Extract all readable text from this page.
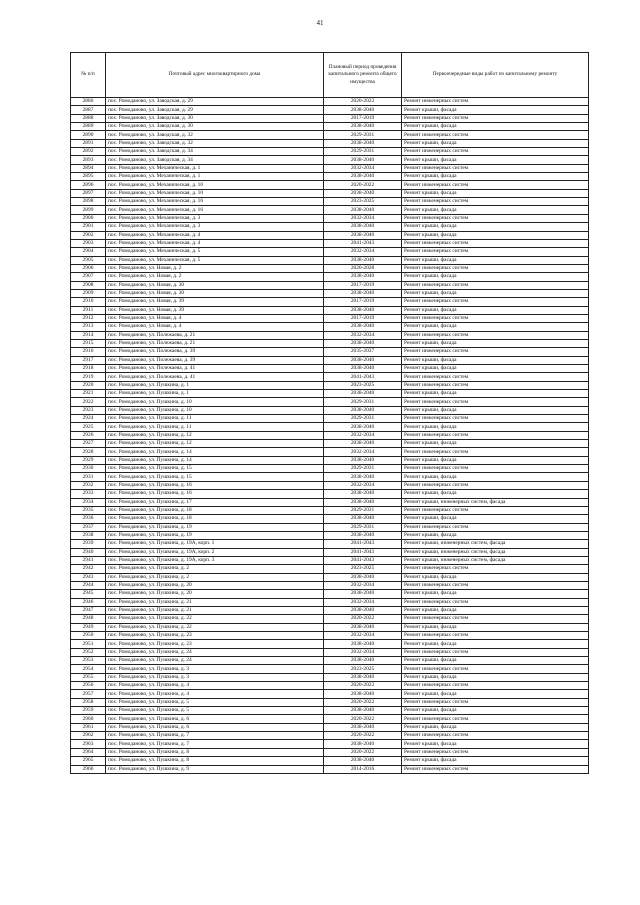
41
№ п/п	Почтовый адрес многоквартирного дома	Плановый период проведения капитального ремонта общего имущества	Первоочередные виды работ по капитальному ремонту
2886	пос. Ромоданово, ул. Заводская, д. 29	2020-2022	Ремонт инженерных систем
2887	пос. Ромоданово, ул. Заводская, д. 29	2038-2040	Ремонт крыши, фасада
2888	пос. Ромоданово, ул. Заводская, д. 30	2017-2019	Ремонт инженерных систем
2889	пос. Ромоданово, ул. Заводская, д. 30	2038-2040	Ремонт крыши, фасада
2890	пос. Ромоданово, ул. Заводская, д. 32	2029-2031	Ремонт инженерных систем
2891	пос. Ромоданово, ул. Заводская, д. 32	2038-2040	Ремонт крыши, фасада
2892	пос. Ромоданово, ул. Заводская, д. 34	2029-2031	Ремонт инженерных систем
2893	пос. Ромоданово, ул. Заводская, д. 34	2038-2040	Ремонт крыши, фасада
2894	пос. Ромоданово, ул. Механическая, д. 1	2032-2034	Ремонт инженерных систем
2895	пос. Ромоданово, ул. Механическая, д. 1	2038-2040	Ремонт крыши, фасада
2896	пос. Ромоданово, ул. Механическая, д. 10	2020-2022	Ремонт инженерных систем
2897	пос. Ромоданово, ул. Механическая, д. 10	2038-2040	Ремонт крыши, фасада
2898	пос. Ромоданово, ул. Механическая, д. 16	2023-2025	Ремонт инженерных систем
2899	пос. Ромоданово, ул. Механическая, д. 16	2038-2040	Ремонт крыши, фасада
2900	пос. Ромоданово, ул. Механическая, д. 3	2032-2034	Ремонт инженерных систем
2901	пос. Ромоданово, ул. Механическая, д. 3	2038-2040	Ремонт крыши, фасада
2902	пос. Ромоданово, ул. Механическая, д. 4	2038-2040	Ремонт крыши, фасада
2903	пос. Ромоданово, ул. Механическая, д. 4	2041-2043	Ремонт инженерных систем
2904	пос. Ромоданово, ул. Механическая, д. 5	2032-2034	Ремонт инженерных систем
2905	пос. Ромоданово, ул. Механическая, д. 5	2038-2040	Ремонт крыши, фасада
2906	пос. Ромоданово, ул. Новая, д. 2	2026-2028	Ремонт инженерных систем
2907	пос. Ромоданово, ул. Новая, д. 2	2038-2040	Ремонт крыши, фасада
2908	пос. Ромоданово, ул. Новая, д. 30	2017-2019	Ремонт инженерных систем
2909	пос. Ромоданово, ул. Новая, д. 30	2038-2040	Ремонт крыши, фасада
2910	пос. Ромоданово, ул. Новая, д. 39	2017-2019	Ремонт инженерных систем
2911	пос. Ромоданово, ул. Новая, д. 39	2038-2040	Ремонт крыши, фасада
2912	пос. Ромоданово, ул. Новая, д. 4	2017-2019	Ремонт инженерных систем
2913	пос. Ромоданово, ул. Новая, д. 4	2038-2040	Ремонт крыши, фасада
2914	пос. Ромоданово, ул. Полежаева, д. 21	2032-2034	Ремонт инженерных систем
2915	пос. Ромоданово, ул. Полежаева, д. 21	2038-2040	Ремонт крыши, фасада
2916	пос. Ромоданово, ул. Полежаева, д. 39	2035-2037	Ремонт инженерных систем
2917	пос. Ромоданово, ул. Полежаева, д. 39	2038-2040	Ремонт крыши, фасада
2918	пос. Ромоданово, ул. Полежаева, д. 41	2038-2040	Ремонт крыши, фасада
2919	пос. Ромоданово, ул. Полежаева, д. 41	2041-2043	Ремонт инженерных систем
2920	пос. Ромоданово, ул. Пушкина, д. 1	2023-2025	Ремонт инженерных систем
2921	пос. Ромоданово, ул. Пушкина, д. 1	2038-2040	Ремонт крыши, фасада
2922	пос. Ромоданово, ул. Пушкина, д. 10	2029-2031	Ремонт инженерных систем
2923	пос. Ромоданово, ул. Пушкина, д. 10	2038-2040	Ремонт крыши, фасада
2924	пос. Ромоданово, ул. Пушкина, д. 11	2029-2031	Ремонт инженерных систем
2925	пос. Ромоданово, ул. Пушкина, д. 11	2038-2040	Ремонт крыши, фасада
2926	пос. Ромоданово, ул. Пушкина, д. 12	2032-2034	Ремонт инженерных систем
2927	пос. Ромоданово, ул. Пушкина, д. 12	2038-2040	Ремонт крыши, фасада
2928	пос. Ромоданово, ул. Пушкина, д. 14	2032-2034	Ремонт инженерных систем
2929	пос. Ромоданово, ул. Пушкина, д. 14	2038-2040	Ремонт крыши, фасада
2930	пос. Ромоданово, ул. Пушкина, д. 15	2029-2031	Ремонт инженерных систем
2931	пос. Ромоданово, ул. Пушкина, д. 15	2038-2040	Ремонт крыши, фасада
2932	пос. Ромоданово, ул. Пушкина, д. 16	2032-2034	Ремонт инженерных систем
2933	пос. Ромоданово, ул. Пушкина, д. 16	2038-2040	Ремонт крыши, фасада
2934	пос. Ромоданово, ул. Пушкина, д. 17	2038-2040	Ремонт крыши, инженерных систем, фасада
2935	пос. Ромоданово, ул. Пушкина, д. 18	2029-2031	Ремонт инженерных систем
2936	пос. Ромоданово, ул. Пушкина, д. 18	2038-2040	Ремонт крыши, фасада
2937	пос. Ромоданово, ул. Пушкина, д. 19	2029-2031	Ремонт инженерных систем
2938	пос. Ромоданово, ул. Пушкина, д. 19	2038-2040	Ремонт крыши, фасада
2939	пос. Ромоданово, ул. Пушкина, д. 19А, корп. 1	2041-2043	Ремонт крыши, инженерных систем, фасада
2940	пос. Ромоданово, ул. Пушкина, д. 19А, корп. 2	2041-2043	Ремонт крыши, инженерных систем, фасада
2941	пос. Ромоданово, ул. Пушкина, д. 19А, корп. 3	2041-2043	Ремонт крыши, инженерных систем, фасада
2942	пос. Ромоданово, ул. Пушкина, д. 2	2023-2025	Ремонт инженерных систем
2943	пос. Ромоданово, ул. Пушкина, д. 2	2038-2040	Ремонт крыши, фасада
2944	пос. Ромоданово, ул. Пушкина, д. 20	2032-2034	Ремонт инженерных систем
2945	пос. Ромоданово, ул. Пушкина, д. 20	2038-2040	Ремонт крыши, фасада
2946	пос. Ромоданово, ул. Пушкина, д. 21	2032-2034	Ремонт инженерных систем
2947	пос. Ромоданово, ул. Пушкина, д. 21	2038-2040	Ремонт крыши, фасада
2948	пос. Ромоданово, ул. Пушкина, д. 22	2020-2022	Ремонт инженерных систем
2949	пос. Ромоданово, ул. Пушкина, д. 22	2038-2040	Ремонт крыши, фасада
2950	пос. Ромоданово, ул. Пушкина, д. 23	2032-2034	Ремонт инженерных систем
2951	пос. Ромоданово, ул. Пушкина, д. 23	2038-2040	Ремонт крыши, фасада
2952	пос. Ромоданово, ул. Пушкина, д. 24	2032-2034	Ремонт инженерных систем
2953	пос. Ромоданово, ул. Пушкина, д. 24	2038-2040	Ремонт крыши, фасада
2954	пос. Ромоданово, ул. Пушкина, д. 3	2023-2025	Ремонт инженерных систем
2955	пос. Ромоданово, ул. Пушкина, д. 3	2038-2040	Ремонт крыши, фасада
2956	пос. Ромоданово, ул. Пушкина, д. 4	2020-2022	Ремонт инженерных систем
2957	пос. Ромоданово, ул. Пушкина, д. 4	2038-2040	Ремонт крыши, фасада
2958	пос. Ромоданово, ул. Пушкина, д. 5	2020-2022	Ремонт инженерных систем
2959	пос. Ромоданово, ул. Пушкина, д. 5	2038-2040	Ремонт крыши, фасада
2960	пос. Ромоданово, ул. Пушкина, д. 6	2020-2022	Ремонт инженерных систем
2961	пос. Ромоданово, ул. Пушкина, д. 6	2038-2040	Ремонт крыши, фасада
2962	пос. Ромоданово, ул. Пушкина, д. 7	2020-2022	Ремонт инженерных систем
2963	пос. Ромоданово, ул. Пушкина, д. 7	2038-2040	Ремонт крыши, фасада
2964	пос. Ромоданово, ул. Пушкина, д. 8	2020-2022	Ремонт инженерных систем
2965	пос. Ромоданово, ул. Пушкина, д. 8	2038-2040	Ремонт крыши, фасада
2966	пос. Ромоданово, ул. Пушкина, д. 9	2014-2016	Ремонт инженерных систем
